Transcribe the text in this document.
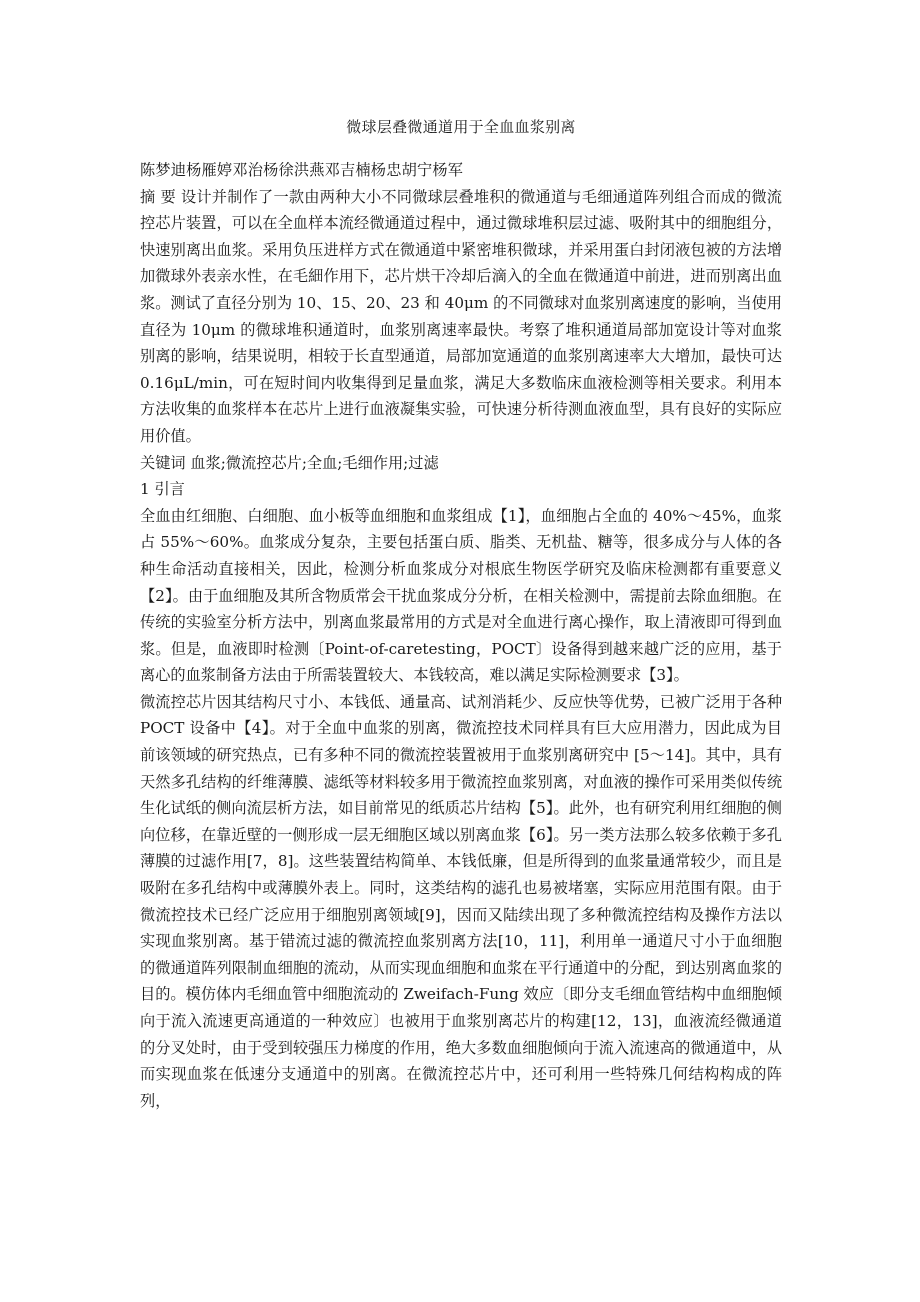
微球层叠微通道用于全血血浆别离

陈梦迪杨雁婷邓治杨徐洪燕邓吉楠杨忠胡宁杨军

摘 要 设计并制作了一款由两种大小不同微球层叠堆积的微通道与毛细通道阵列组合而成的微流控芯片装置，可以在全血样本流经微通道过程中，通过微球堆积层过滤、吸附其中的细胞组分，快速别离出血浆。采用负压进样方式在微通道中紧密堆积微球，并采用蛋白封闭液包被的方法增加微球外表亲水性，在毛細作用下，芯片烘干冷却后滴入的全血在微通道中前进，进而别离出血浆。测试了直径分别为 10、15、20、23 和 40μm 的不同微球对血浆别离速度的影响，当使用直径为 10μm 的微球堆积通道时，血浆别离速率最快。考察了堆积通道局部加宽设计等对血浆别离的影响，结果说明，相较于长直型通道，局部加宽通道的血浆别离速率大大增加，最快可达 0.16μL/min，可在短时间内收集得到足量血浆，满足大多数临床血液检测等相关要求。利用本方法收集的血浆样本在芯片上进行血液凝集实验，可快速分析待测血液血型，具有良好的实际应用价值。

关键词 血浆;微流控芯片;全血;毛细作用;过滤

1 引言

全血由红细胞、白细胞、血小板等血细胞和血浆组成【1】，血细胞占全血的 40%～45%，血浆占 55%～60%。血浆成分复杂，主要包括蛋白质、脂类、无机盐、糖等，很多成分与人体的各种生命活动直接相关，因此，检测分析血浆成分对根底生物医学研究及临床检测都有重要意义【2】。由于血细胞及其所含物质常会干扰血浆成分分析，在相关检测中，需提前去除血细胞。在传统的实验室分析方法中，别离血浆最常用的方式是对全血进行离心操作，取上清液即可得到血浆。但是，血液即时检测〔Point-of-caretesting，POCT〕设备得到越来越广泛的应用，基于离心的血浆制备方法由于所需装置较大、本钱较高，难以满足实际检测要求【3】。

微流控芯片因其结构尺寸小、本钱低、通量高、试剂消耗少、反应快等优势，已被广泛用于各种 POCT 设备中【4】。对于全血中血浆的别离，微流控技术同样具有巨大应用潜力，因此成为目前该领域的研究热点，已有多种不同的微流控装置被用于血浆别离研究中 [5～14]。其中，具有天然多孔结构的纤维薄膜、滤纸等材料较多用于微流控血浆别离，对血液的操作可采用类似传统生化试纸的侧向流层析方法，如目前常见的纸质芯片结构【5】。此外，也有研究利用红细胞的侧向位移，在靠近壁的一侧形成一层无细胞区域以别离血浆【6】。另一类方法那么较多依赖于多孔薄膜的过滤作用[7，8]。这些装置结构简单、本钱低廉，但是所得到的血浆量通常较少，而且是吸附在多孔结构中或薄膜外表上。同时，这类结构的滤孔也易被堵塞，实际应用范围有限。由于微流控技术已经广泛应用于细胞别离领域[9]，因而又陆续出现了多种微流控结构及操作方法以实现血浆别离。基于错流过滤的微流控血浆别离方法[10，11]，利用单一通道尺寸小于血细胞的微通道阵列限制血细胞的流动，从而实现血细胞和血浆在平行通道中的分配，到达别离血浆的目的。模仿体内毛细血管中细胞流动的 Zweifach-Fung 效应〔即分支毛细血管结构中血细胞倾向于流入流速更高通道的一种效应〕也被用于血浆别离芯片的构建[12，13]，血液流经微通道的分叉处时，由于受到较强压力梯度的作用，绝大多数血细胞倾向于流入流速高的微通道中，从而实现血浆在低速分支通道中的别离。在微流控芯片中，还可利用一些特殊几何结构构成的阵列，
